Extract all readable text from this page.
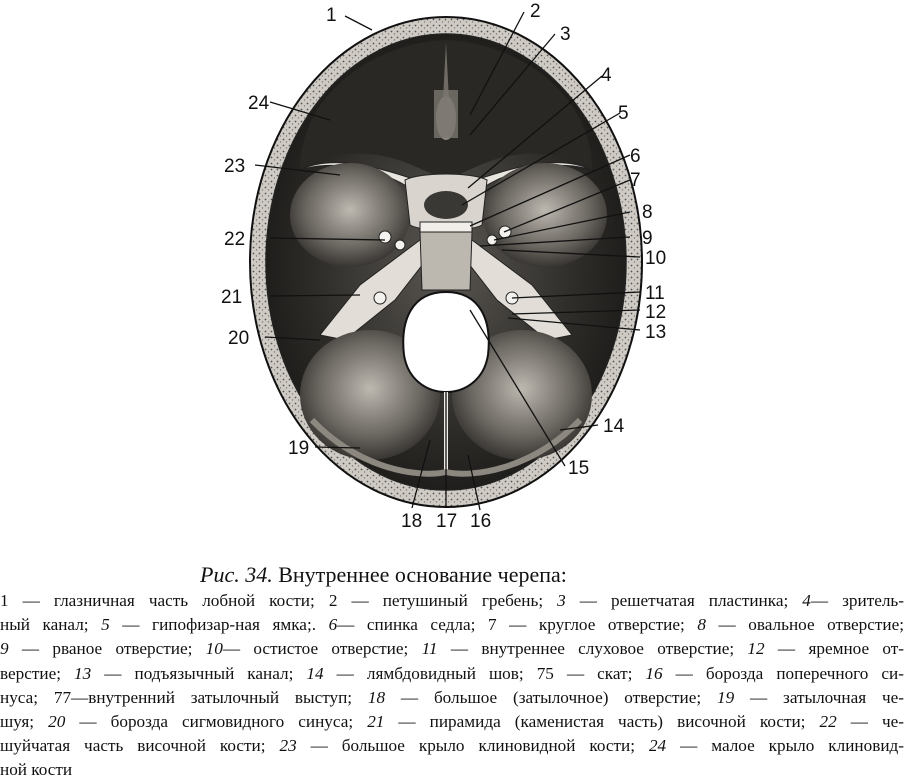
1	2
3
4
5
6
7
8
9
10
11
12
13
14
15
16
17
18
19
20
21
22
23
24
Рис. 34. Внутреннее основание черепа:
1 — глазничная часть лобной кости; 2 — петушиный гребень; 3 — решетчатая пластинка; 4— зритель-
ный канал; 5 — гипофизар-ная ямка;. 6— спинка седла; 7 — круглое отверстие; 8 — овальное отверстие;
9 — рваное отверстие; 10— остистое отверстие; 11 — внутреннее слуховое отверстие; 12 — яремное от-
верстие; 13 — подъязычный канал; 14 — лямбдовидный шов; 75 — скат; 16 — борозда поперечного си-
нуса; 77—внутренний затылочный выступ; 18 — большое (затылочное) отверстие; 19 — затылочная че-
шуя; 20 — борозда сигмовидного синуса; 21 — пирамида (каменистая часть) височной кости; 22 — че-
шуйчатая часть височной кости; 23 — большое крыло клиновидной кости; 24 — малое крыло клиновид-
ной кости
